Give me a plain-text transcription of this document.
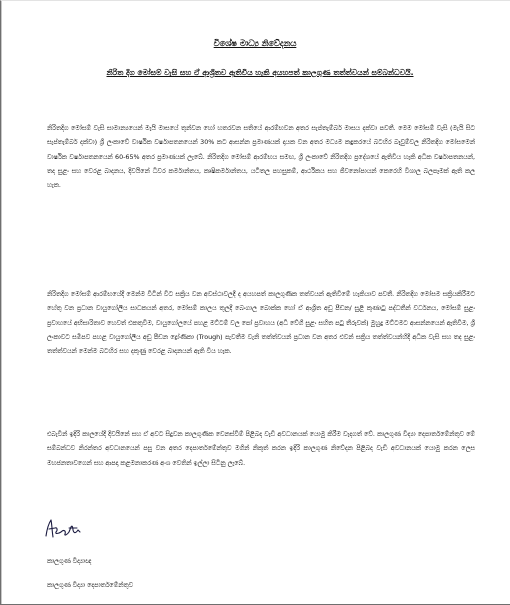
විශේෂ මාධ්‍ය නිවේදනය
නිරිත දිග මෝසම් වැසි සහ ඒ ආශ්‍රිතව ඇතිවිය හැකි අයහපත් කාලගුණ තත්ත්වයන් සම්බන්ධවයි.

නිරිතදිග මෝසම් වැසි සාමාන්‍යයෙන් මැයි මාසයේ තුන්වන හෝ හතරවන සතියේ ආරම්භවන අතර සැප්තැම්බර් මාසය දක්වා පවතී. මෙම මෝසම් වැසි (මැයි සිට සැප්තැම්බර් දක්වා) ශ්‍රී ලංකාවේ වාර්ෂික වර්ෂාපතනයෙන් 30% කට ආසන්න ප්‍රමාණයක් දායක වන අතර මධ්‍යම කඳුකරයේ බටහිර බෑවුම්වල නිරිතදිග මෝසමෙන් වාර්ෂික වර්ෂාපතනයෙන් 60-65% අතර ප්‍රමාණයක් ලැබේ. නිරිතදිග මෝසම් ආරම්භය සමඟ, ශ්‍රී ලංකාවේ නිරිතදිග ප්‍රදේශයේ ඇතිවිය හැකි අධික වර්ෂාපතනයන්, තද සුළං සහ වෙරළ බාදනය, දිවයිනේ ධීවර කර්මාන්තය, කෘෂිකර්මාන්තය, යටිතල පහසුකම්, ආර්ථිකය සහ ජීවනෝපායන් කෙරෙහි විශාල බලපෑමක් ඇති කල හැක.

නිරිතදිග මෝසම් ආරම්භයේදී මෙන්ම විටින් විට සක්‍රිය වන අවස්ථාවලදී ද අයහපත් කාලගුණික තත්වයන් ඇතිවීමේ හැකියාව පවතී. නිරිතදිග මෝසම සක්‍රියකිරීමට හේතු වන ප්‍රධාන වායුගෝලීය සාධකයන් අතර, මෝසම් කාලය තුලදී බෙංගාල බොක්ක හෝ ඒ ආශ්‍රිත අඩු පීඩන/ සුළි කුණාටු පද්ධතීන් වර්ධනය, මෝසම් සුළං ප්‍රවාහයේ අභිසාරිතාව හෙවත් එකතුවීම, වායුගෝලයේ පහළ මට්ටම් වල පෝ ප්‍රවාහය (අධි වේගී සුළං සහිත පටු තීරුවක්) මුහුදු මට්ටමට ආසන්නයෙන් ඇතිවීම, ශ්‍රී ලංකාවට සමීපව පහළ වායුගෝලීය අඩු පීඩන ද්‍රෝණිකා (Trough) පැවතීම වැනි තත්ත්වයන් ප්‍රධාන වන අතර එවන් සක්‍රිය තත්ත්වයන්හිදී අධික වැසි සහ තද සුළං තත්ත්වයන් මෙන්ම බටහිර සහ දකුණු වෙරළ බාදනයන් ඇති විය හැක.

එබැවින් ඉදිරි කාලයේදී දිවයිනේ සහ ඒ අවට සිදුවන කාලගුණික වෙනස්වීම් පිළිබද වැඩි අවධානයක් යොමු කිරීම වැදගත් වේ. කාලගුණ විද්‍යා දෙපාර්තමේන්තුව මේ සම්බන්ධව නිරන්තර අවධානයෙන් පසු වන අතර දෙපාර්තමේන්තුව මගින් නිකුත් කරන ඉදිරි කාලගුණ නිවේදන පිළිබද වැඩි අවධානයක් යොමු කරන ලෙස මහජනතාවගෙන් සහ ආපදා කළමනාකරණ අංශ වෙතින් ඉල්ලා සිටිනු ලැබේ.

කාලගුණ විද්‍යාඥ
කාලගුණ විද්‍යා දෙපාර්තමේන්තුව
